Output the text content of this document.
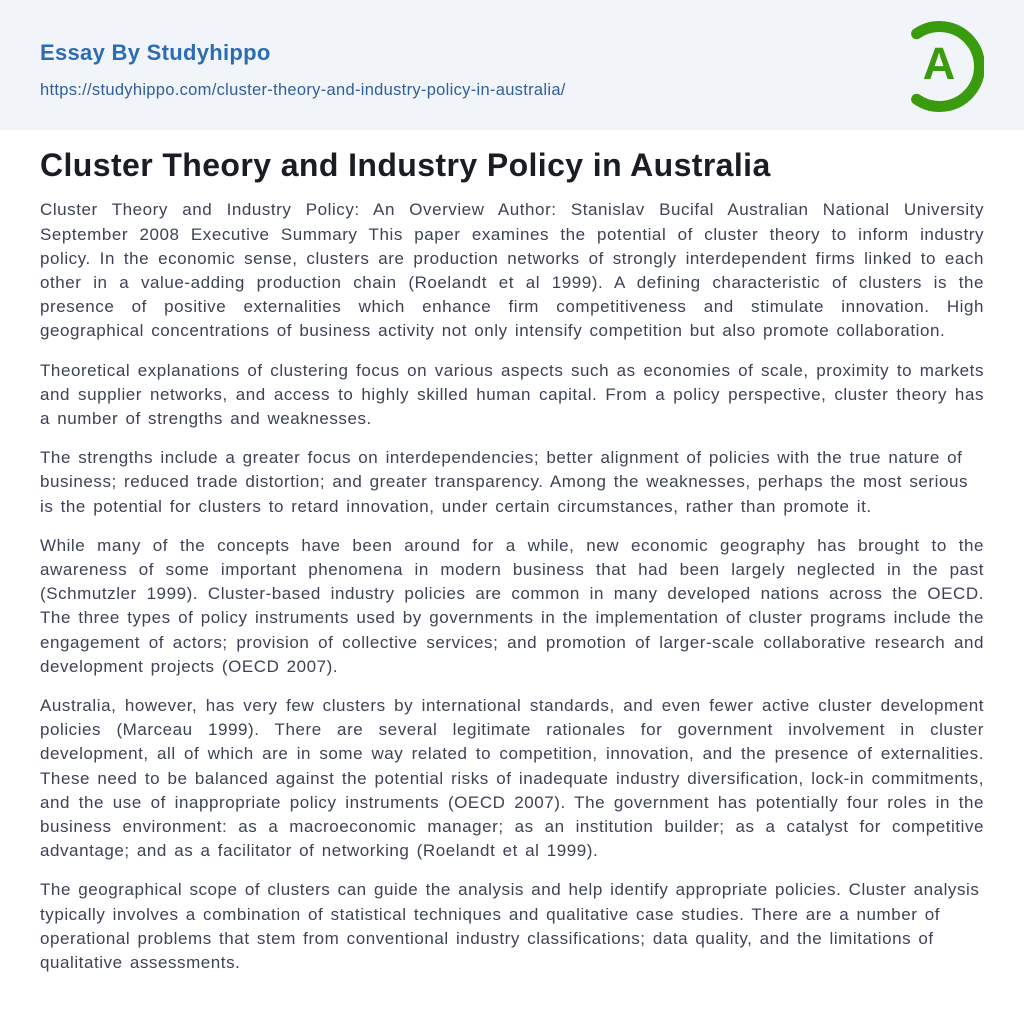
Essay By Studyhippo
https://studyhippo.com/cluster-theory-and-industry-policy-in-australia/
A
Cluster Theory and Industry Policy in Australia

Cluster Theory and Industry Policy: An Overview Author: Stanislav Bucifal Australian National University September 2008 Executive Summary This paper examines the potential of cluster theory to inform industry policy. In the economic sense, clusters are production networks of strongly interdependent firms linked to each other in a value-adding production chain (Roelandt et al 1999). A defining characteristic of clusters is the presence of positive externalities which enhance firm competitiveness and stimulate innovation. High geographical concentrations of business activity not only intensify competition but also promote collaboration.

Theoretical explanations of clustering focus on various aspects such as economies of scale, proximity to markets and supplier networks, and access to highly skilled human capital. From a policy perspective, cluster theory has a number of strengths and weaknesses.

The strengths include a greater focus on interdependencies; better alignment of policies with the true nature of business; reduced trade distortion; and greater transparency. Among the weaknesses, perhaps the most serious is the potential for clusters to retard innovation, under certain circumstances, rather than promote it.

While many of the concepts have been around for a while, new economic geography has brought to the awareness of some important phenomena in modern business that had been largely neglected in the past (Schmutzler 1999). Cluster-based industry policies are common in many developed nations across the OECD. The three types of policy instruments used by governments in the implementation of cluster programs include the engagement of actors; provision of collective services; and promotion of larger-scale collaborative research and development projects (OECD 2007).

Australia, however, has very few clusters by international standards, and even fewer active cluster development policies (Marceau 1999). There are several legitimate rationales for government involvement in cluster development, all of which are in some way related to competition, innovation, and the presence of externalities. These need to be balanced against the potential risks of inadequate industry diversification, lock-in commitments, and the use of inappropriate policy instruments (OECD 2007). The government has potentially four roles in the business environment: as a macroeconomic manager; as an institution builder; as a catalyst for competitive advantage; and as a facilitator of networking (Roelandt et al 1999).

The geographical scope of clusters can guide the analysis and help identify appropriate policies. Cluster analysis typically involves a combination of statistical techniques and qualitative case studies. There are a number of operational problems that stem from conventional industry classifications; data quality, and the limitations of qualitative assessments.
